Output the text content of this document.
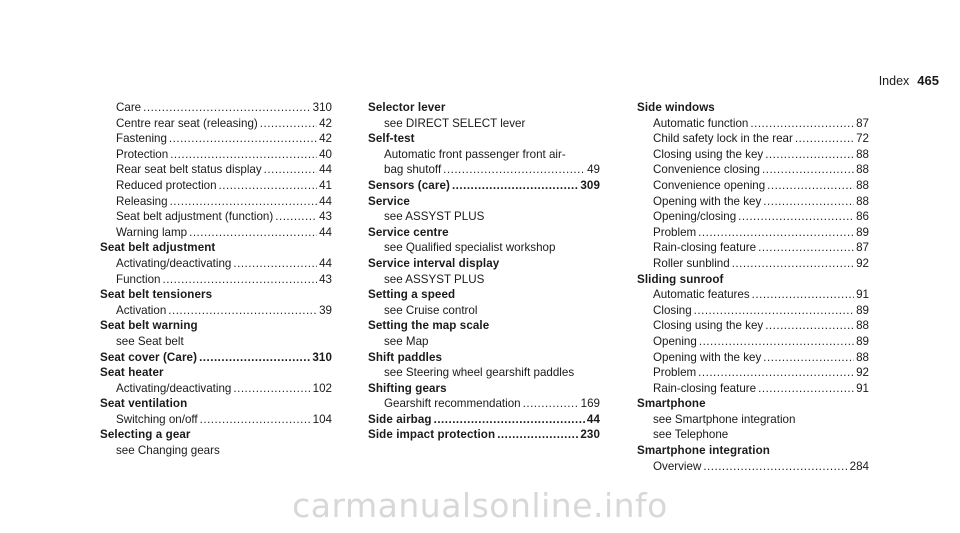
Index 465
Care .....	310
Centre rear seat (releasing) .....	42
Fastening .....	42
Protection .....	40
Rear seat belt status display .....	44
Reduced protection .....	41
Releasing .....	44
Seat belt adjustment (function) .....	43
Warning lamp .....	44
Seat belt adjustment
Activating/deactivating .....	44
Function .....	43
Seat belt tensioners
Activation .....	39
Seat belt warning
see Seat belt
Seat cover (Care) .....	310
Seat heater
Activating/deactivating .....	102
Seat ventilation
Switching on/off .....	104
Selecting a gear
see Changing gears
Selector lever
see DIRECT SELECT lever
Self-test
Automatic front passenger front air-
bag shutoff .....	49
Sensors (care) .....	309
Service
see ASSYST PLUS
Service centre
see Qualified specialist workshop
Service interval display
see ASSYST PLUS
Setting a speed
see Cruise control
Setting the map scale
see Map
Shift paddles
see Steering wheel gearshift paddles
Shifting gears
Gearshift recommendation .....	169
Side airbag .....	44
Side impact protection .....	230
Side windows
Automatic function .....	87
Child safety lock in the rear .....	72
Closing using the key .....	88
Convenience closing .....	88
Convenience opening .....	88
Opening with the key .....	88
Opening/closing .....	86
Problem .....	89
Rain-closing feature .....	87
Roller sunblind .....	92
Sliding sunroof
Automatic features .....	91
Closing .....	89
Closing using the key .....	88
Opening .....	89
Opening with the key .....	88
Problem .....	92
Rain-closing feature .....	91
Smartphone
see Smartphone integration
see Telephone
Smartphone integration
Overview .....	284
carmanualsonline.info
